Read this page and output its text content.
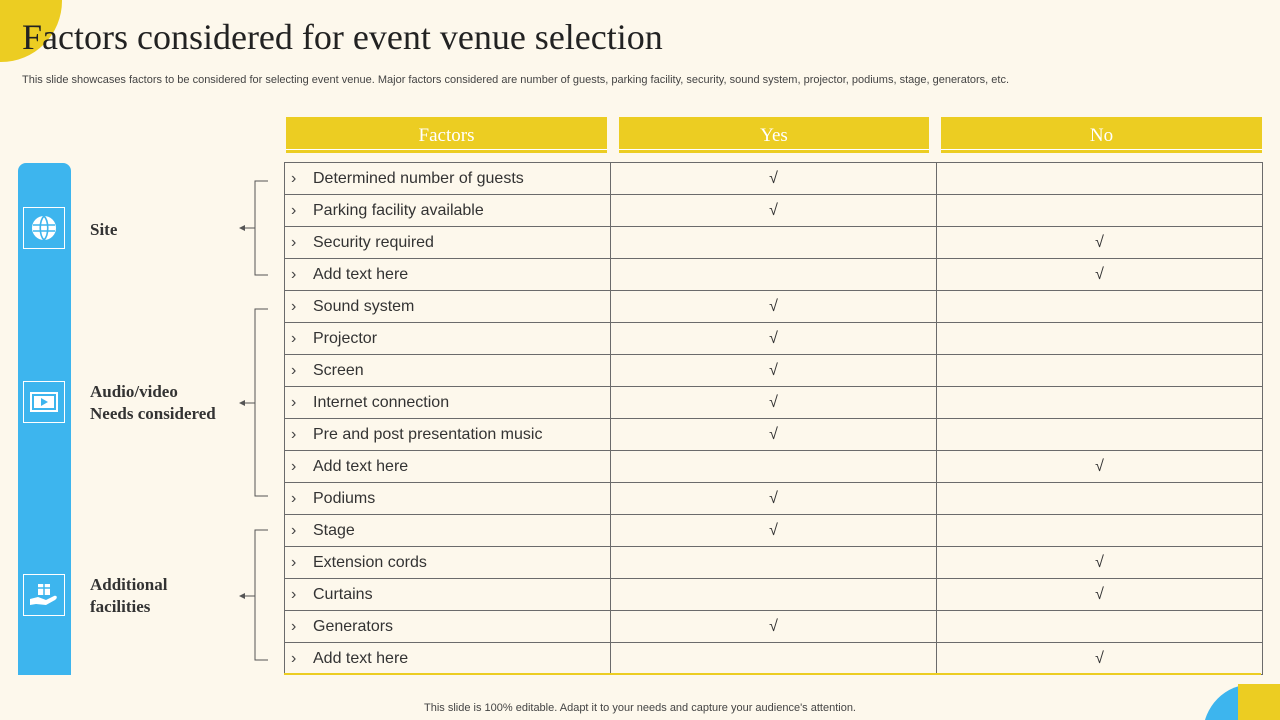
Factors considered for event venue selection
This slide showcases factors to be considered for selecting event venue. Major factors considered are number of guests, parking facility, security, sound system, projector, podiums, stage, generators, etc.
Factors	Yes	No
Site
Audio/video
Needs considered
Additional
facilities
› Determined number of guests	√	
› Parking facility available	√	
› Security required		√
› Add text here		√
› Sound system	√	
› Projector	√	
› Screen	√	
› Internet connection	√	
› Pre and post presentation music	√	
› Add text here		√
› Podiums	√	
› Stage	√	
› Extension cords		√
› Curtains		√
› Generators	√	
› Add text here		√
This slide is 100% editable. Adapt it to your needs and capture your audience's attention.
